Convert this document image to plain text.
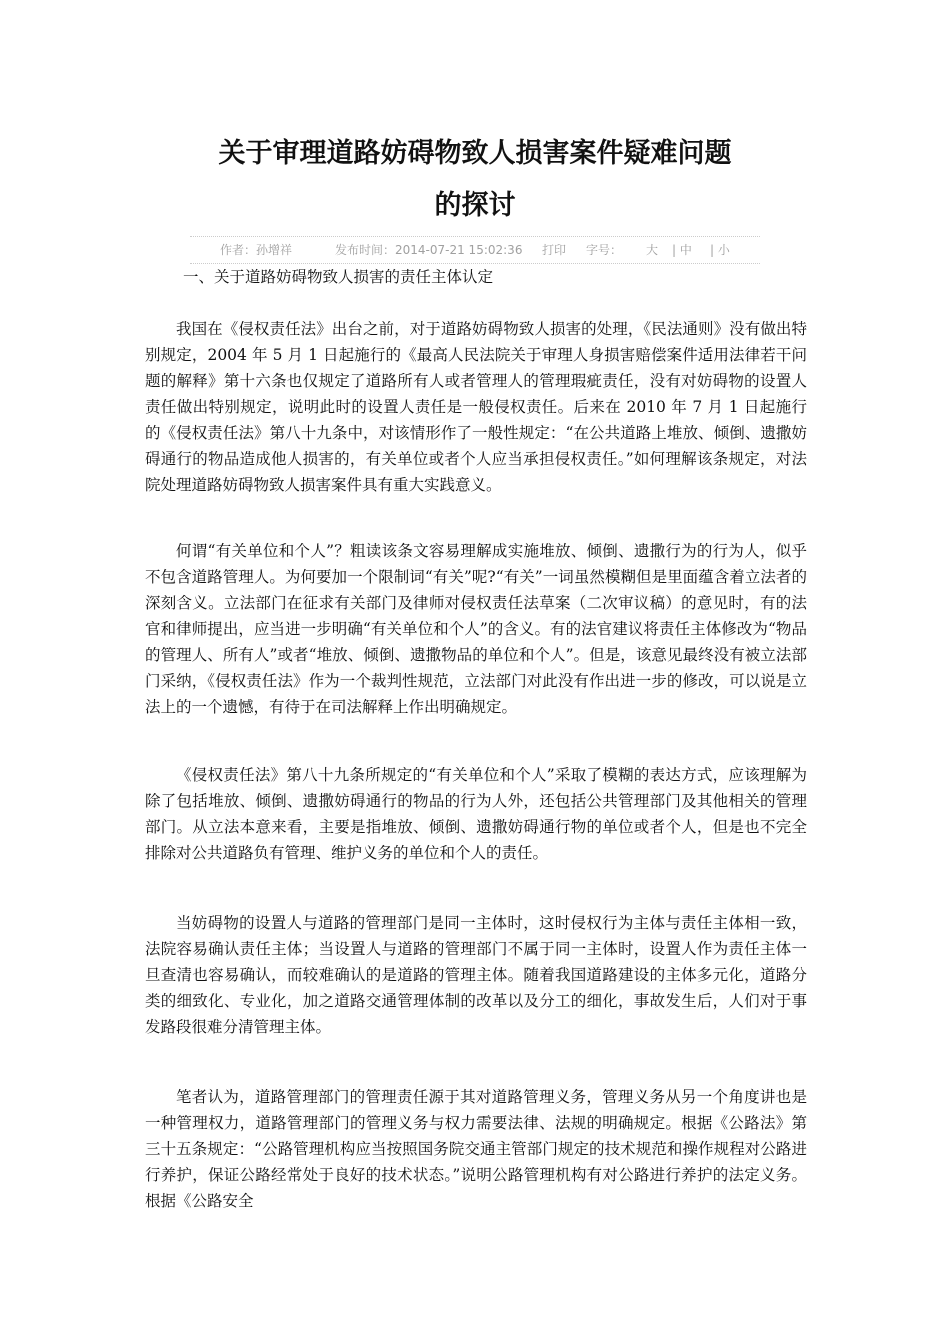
关于审理道路妨碍物致人损害案件疑难问题
的探讨
作者：孙增祥	发布时间：2014-07-21 15:02:36 打印 字号： 大 | 中 | 小
一、关于道路妨碍物致人损害的责任主体认定

我国在《侵权责任法》出台之前，对于道路妨碍物致人损害的处理，《民法通则》没有做出特别规定，2004 年 5 月 1 日起施行的《最高人民法院关于审理人身损害赔偿案件适用法律若干问题的解释》第十六条也仅规定了道路所有人或者管理人的管理瑕疵责任，没有对妨碍物的设置人责任做出特别规定，说明此时的设置人责任是一般侵权责任。后来在 2010 年 7 月 1 日起施行的《侵权责任法》第八十九条中，对该情形作了一般性规定：“在公共道路上堆放、倾倒、遗撒妨碍通行的物品造成他人损害的，有关单位或者个人应当承担侵权责任。”如何理解该条规定，对法院处理道路妨碍物致人损害案件具有重大实践意义。

何谓“有关单位和个人”？粗读该条文容易理解成实施堆放、倾倒、遗撒行为的行为人，似乎不包含道路管理人。为何要加一个限制词“有关”呢?“有关”一词虽然模糊但是里面蕴含着立法者的深刻含义。立法部门在征求有关部门及律师对侵权责任法草案（二次审议稿）的意见时，有的法官和律师提出，应当进一步明确“有关单位和个人”的含义。有的法官建议将责任主体修改为“物品的管理人、所有人”或者“堆放、倾倒、遗撒物品的单位和个人”。但是，该意见最终没有被立法部门采纳，《侵权责任法》作为一个裁判性规范，立法部门对此没有作出进一步的修改，可以说是立法上的一个遗憾，有待于在司法解释上作出明确规定。

《侵权责任法》第八十九条所规定的“有关单位和个人”采取了模糊的表达方式，应该理解为除了包括堆放、倾倒、遗撒妨碍通行的物品的行为人外，还包括公共管理部门及其他相关的管理部门。从立法本意来看，主要是指堆放、倾倒、遗撒妨碍通行物的单位或者个人，但是也不完全排除对公共道路负有管理、维护义务的单位和个人的责任。

当妨碍物的设置人与道路的管理部门是同一主体时，这时侵权行为主体与责任主体相一致，法院容易确认责任主体；当设置人与道路的管理部门不属于同一主体时，设置人作为责任主体一旦查清也容易确认，而较难确认的是道路的管理主体。随着我国道路建设的主体多元化，道路分类的细致化、专业化，加之道路交通管理体制的改革以及分工的细化，事故发生后，人们对于事发路段很难分清管理主体。

笔者认为，道路管理部门的管理责任源于其对道路管理义务，管理义务从另一个角度讲也是一种管理权力，道路管理部门的管理义务与权力需要法律、法规的明确规定。根据《公路法》第三十五条规定：“公路管理机构应当按照国务院交通主管部门规定的技术规范和操作规程对公路进行养护，保证公路经常处于良好的技术状态。”说明公路管理机构有对公路进行养护的法定义务。根据《公路安全
